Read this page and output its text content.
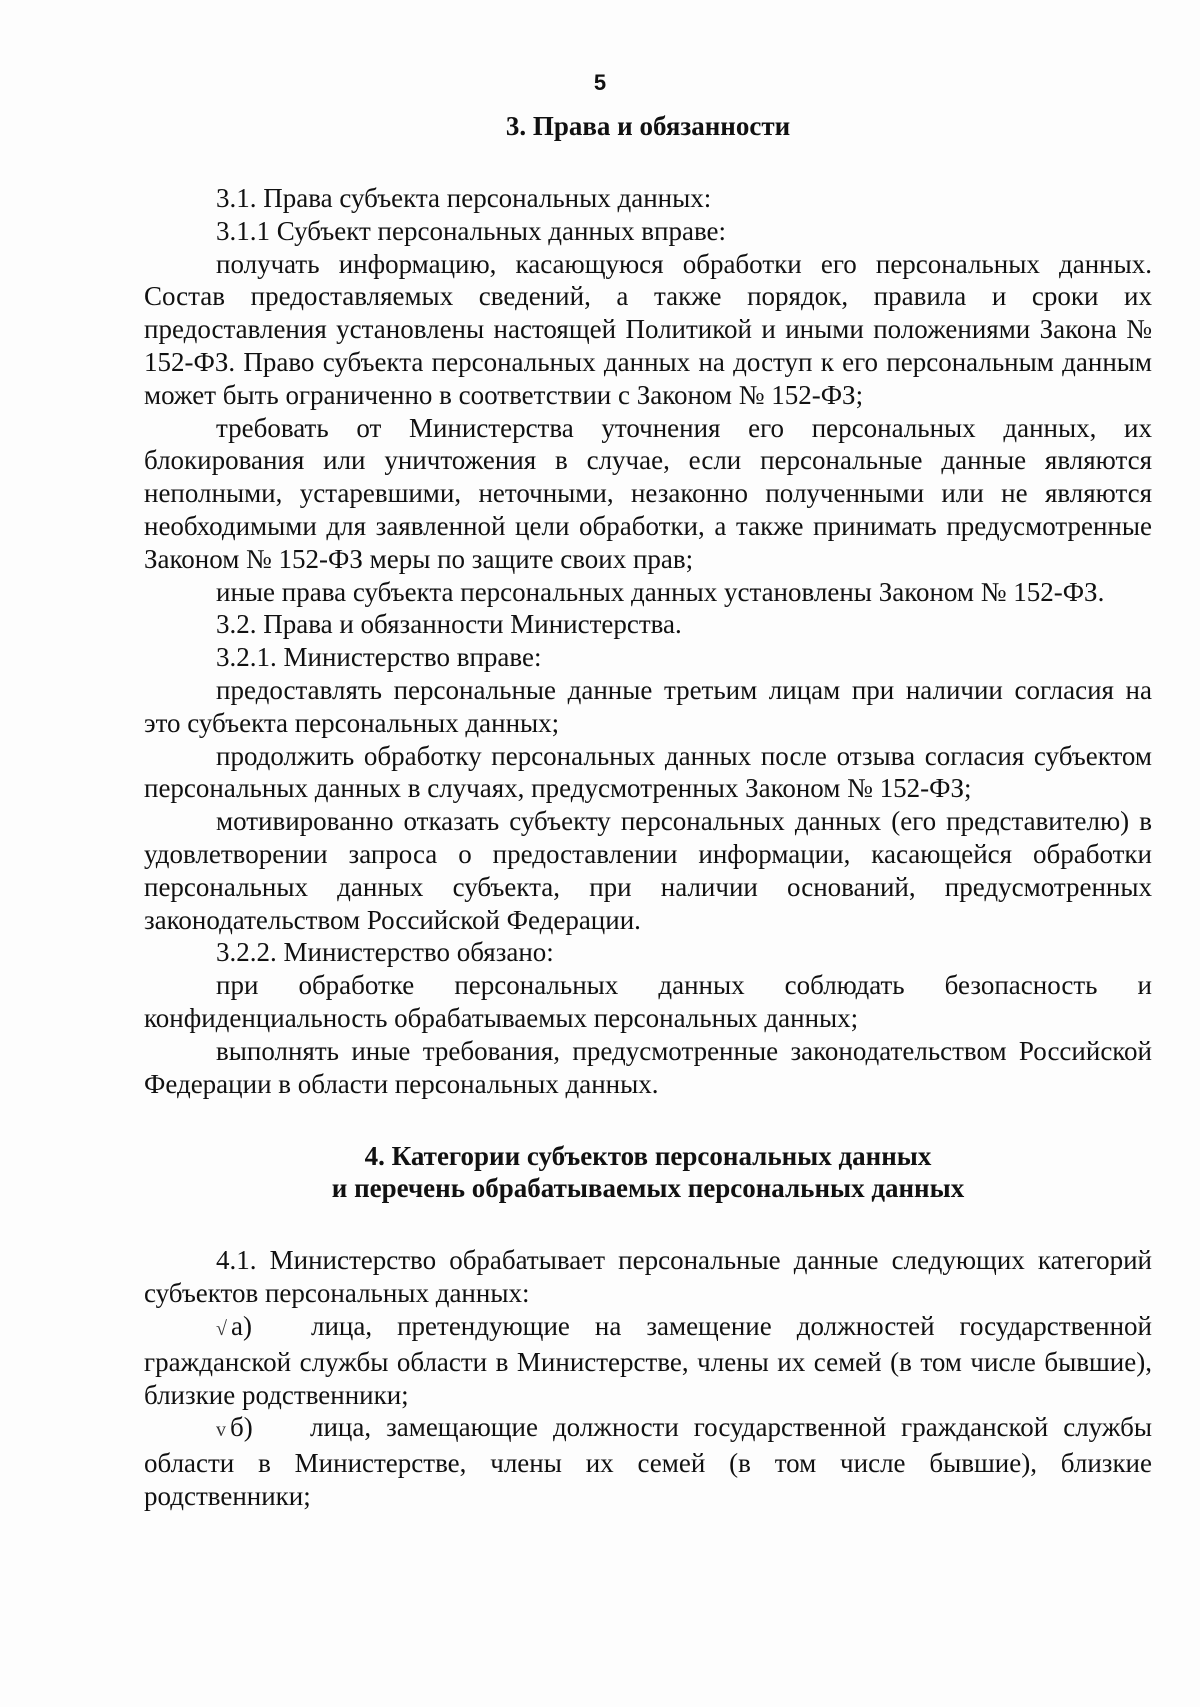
5
3. Права и обязанности

3.1. Права субъекта персональных данных:

3.1.1 Субъект персональных данных вправе:

получать информацию, касающуюся обработки его персональных данных. Состав предоставляемых сведений, а также порядок, правила и сроки их предоставления установлены настоящей Политикой и иными положениями Закона № 152-ФЗ. Право субъекта персональных данных на доступ к его персональным данным может быть ограниченно в соответствии с Законом № 152-ФЗ;

требовать от Министерства уточнения его персональных данных, их блокирования или уничтожения в случае, если персональные данные являются неполными, устаревшими, неточными, незаконно полученными или не являются необходимыми для заявленной цели обработки, а также принимать предусмотренные Законом № 152-ФЗ меры по защите своих прав;

иные права субъекта персональных данных установлены Законом № 152-ФЗ.

3.2. Права и обязанности Министерства.

3.2.1. Министерство вправе:

предоставлять персональные данные третьим лицам при наличии согласия на это субъекта персональных данных;

продолжить обработку персональных данных после отзыва согласия субъектом персональных данных в случаях, предусмотренных Законом № 152-ФЗ;

мотивированно отказать субъекту персональных данных (его представителю) в удовлетворении запроса о предоставлении информации, касающейся обработки персональных данных субъекта, при наличии оснований, предусмотренных законодательством Российской Федерации.

3.2.2. Министерство обязано:

при обработке персональных данных соблюдать безопасность и конфиденциальность обрабатываемых персональных данных;

выполнять иные требования, предусмотренные законодательством Российской Федерации в области персональных данных.

4. Категории субъектов персональных данных
и перечень обрабатываемых персональных данных

4.1. Министерство обрабатывает персональные данные следующих категорий субъектов персональных данных:

√ а) лица, претендующие на замещение должностей государственной гражданской службы области в Министерстве, члены их семей (в том числе бывшие), близкие родственники;

v б) лица, замещающие должности государственной гражданской службы области в Министерстве, члены их семей (в том числе бывшие), близкие родственники;
